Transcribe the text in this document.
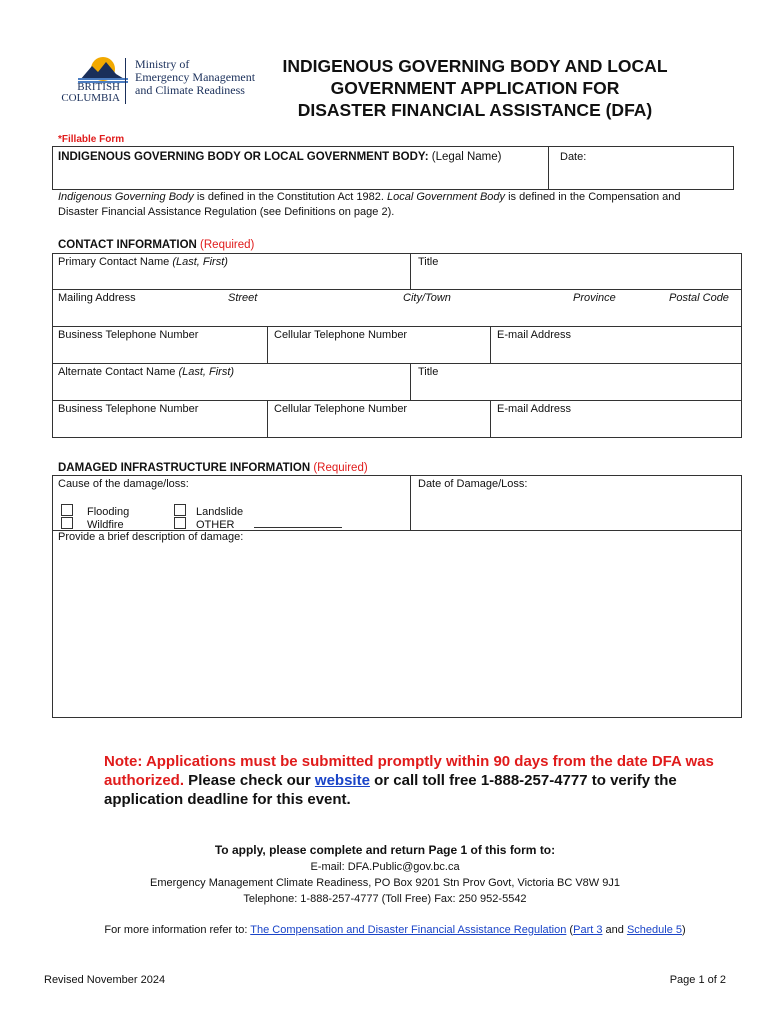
BRITISH
COLUMBIA
Ministry of
Emergency Management
and Climate Readiness
INDIGENOUS GOVERNING BODY AND LOCAL
GOVERNMENT APPLICATION FOR
DISASTER FINANCIAL ASSISTANCE (DFA)
*Fillable Form
INDIGENOUS GOVERNING BODY OR LOCAL GOVERNMENT BODY: (Legal Name)	Date:
Indigenous Governing Body is defined in the Constitution Act 1982. Local Government Body is defined in the Compensation and Disaster Financial Assistance Regulation (see Definitions on page 2).
CONTACT INFORMATION (Required)
Primary Contact Name (Last, First)	Title
Mailing Address	Street	City/Town	Province	Postal Code
Business Telephone Number	Cellular Telephone Number	E-mail Address
Alternate Contact Name (Last, First)	Title
Business Telephone Number	Cellular Telephone Number	E-mail Address
DAMAGED INFRASTRUCTURE INFORMATION (Required)
Cause of the damage/loss:	Date of Damage/Loss:
Flooding	Landslide
Wildfire	OTHER
Provide a brief description of damage:
Note: Applications must be submitted promptly within 90 days from the date DFA was authorized. Please check our website or call toll free 1-888-257-4777 to verify the application deadline for this event.
To apply, please complete and return Page 1 of this form to:
E-mail: DFA.Public@gov.bc.ca
Emergency Management Climate Readiness, PO Box 9201 Stn Prov Govt, Victoria BC V8W 9J1
Telephone: 1-888-257-4777 (Toll Free) Fax: 250 952-5542
For more information refer to: The Compensation and Disaster Financial Assistance Regulation (Part 3 and Schedule 5)
Revised November 2024	Page 1 of 2
